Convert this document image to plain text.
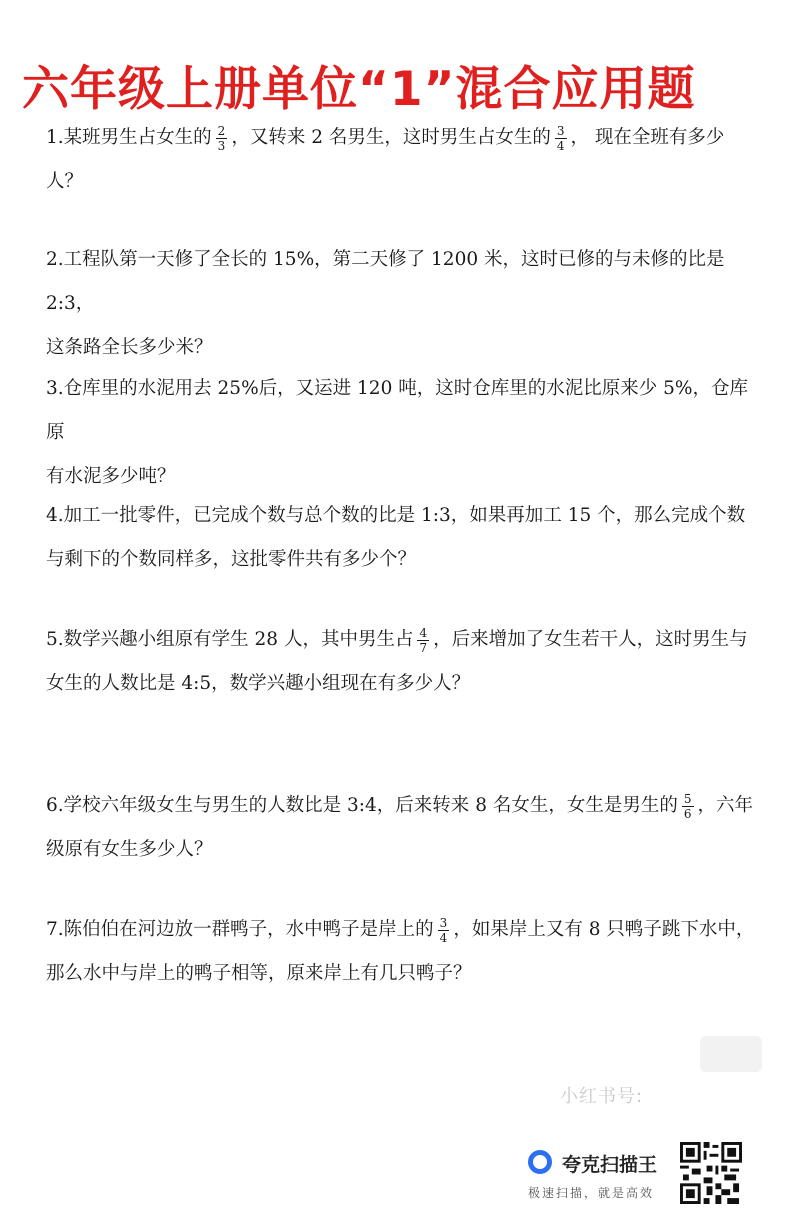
六年级上册单位“1”混合应用题
1.某班男生占女生的 $\frac{2}{3}$ ，又转来 2 名男生，这时男生占女生的 $\frac{3}{4}$ ， 现在全班有多少
人？
2.工程队第一天修了全长的 15%，第二天修了 1200 米，这时已修的与未修的比是 2:3，
这条路全长多少米？
3.仓库里的水泥用去 25%后，又运进 120 吨，这时仓库里的水泥比原来少 5%，仓库原
有水泥多少吨？
4.加工一批零件，已完成个数与总个数的比是 1:3，如果再加工 15 个，那么完成个数
与剩下的个数同样多，这批零件共有多少个？
5.数学兴趣小组原有学生 28 人，其中男生占 $\frac{4}{7}$ ，后来增加了女生若干人，这时男生与
女生的人数比是 4:5，数学兴趣小组现在有多少人？
6.学校六年级女生与男生的人数比是 3:4，后来转来 8 名女生，女生是男生的 $\frac{5}{6}$ ，六年
级原有女生多少人？
7.陈伯伯在河边放一群鸭子，水中鸭子是岸上的 $\frac{3}{4}$ ，如果岸上又有 8 只鸭子跳下水中，
那么水中与岸上的鸭子相等，原来岸上有几只鸭子？
小红书号:
夸克扫描王
极速扫描，就是高效
